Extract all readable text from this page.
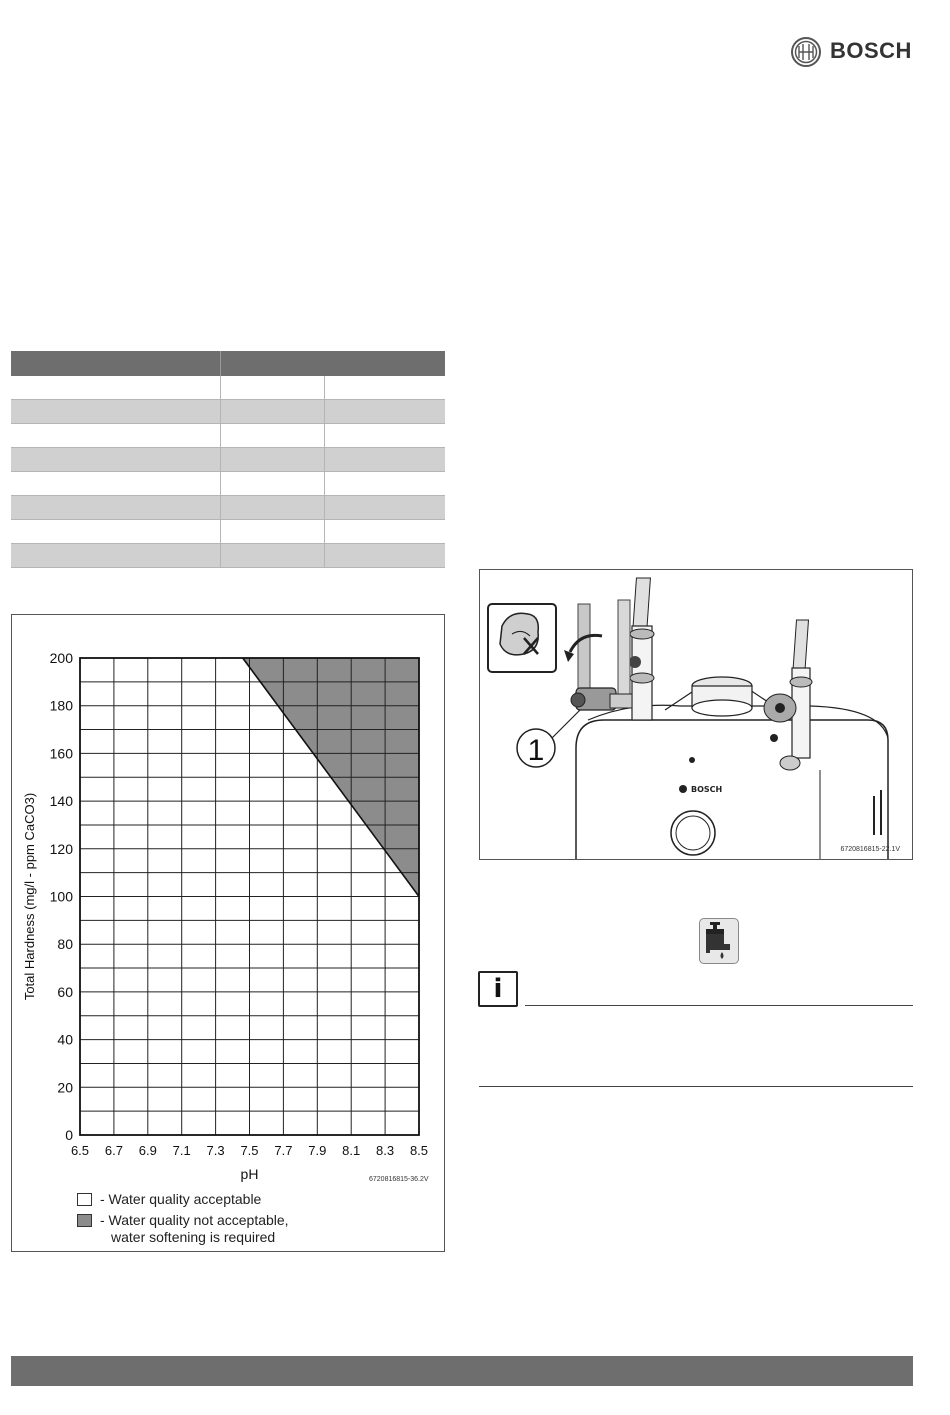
BOSCH

0
20
40
60
80
100
120
140
160
180
200
6.5 6.7 6.9 7.1 7.3 7.5 7.7 7.9 8.1 8.3 8.5
pH
Total Hardness (mg/l - ppm CaCO3)
6720816815-36.2V
- Water quality acceptable
- Water quality not acceptable,
water softening is required
BOSCH
1
6720816815-22.1V
i
